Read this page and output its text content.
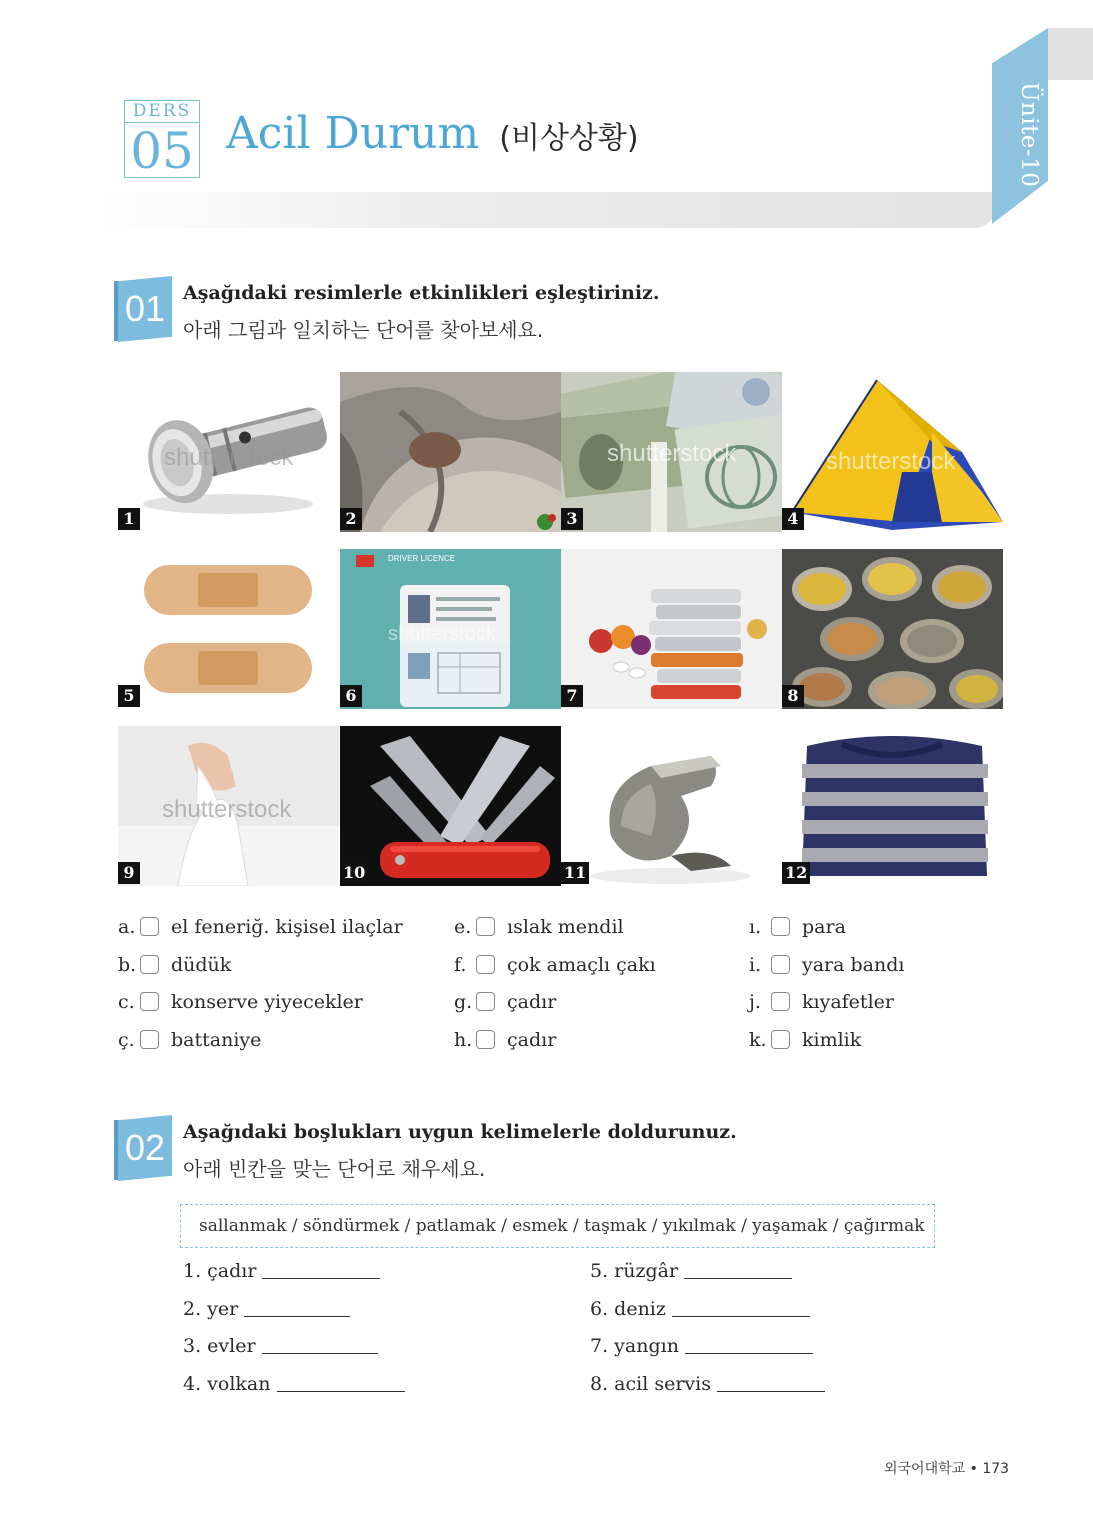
Ünite-10
DERS
05 Acil Durum (비상상황)
01 Aşağıdaki resimlerle etkinlikleri eşleştiriniz.
아래 그림과 일치하는 단어를 찾아보세요.
shutterstock
1	2
shutterstock
3
shutterstock
4
5
DRIVER LICENCE
shutterstock
6	7	8
shutterstock
9	10	11	12
a. el feneriğ. kişisel ilaçlar
b. düdük
c. konserve yiyecekler
ç. battaniye
e. ıslak mendil
f. çok amaçlı çakı
g. çadır
h. çadır
ı. para
i. yara bandı
j. kıyafetler
k. kimlik
02 Aşağıdaki boşlukları uygun kelimelerle doldurunuz.
아래 빈칸을 맞는 단어로 채우세요.
sallanmak / söndürmek / patlamak / esmek / taşmak / yıkılmak / yaşamak / çağırmak
1. çadır
2. yer
3. evler
4. volkan
5. rüzgâr
6. deniz
7. yangın
8. acil servis
외국어대학교 • 173
